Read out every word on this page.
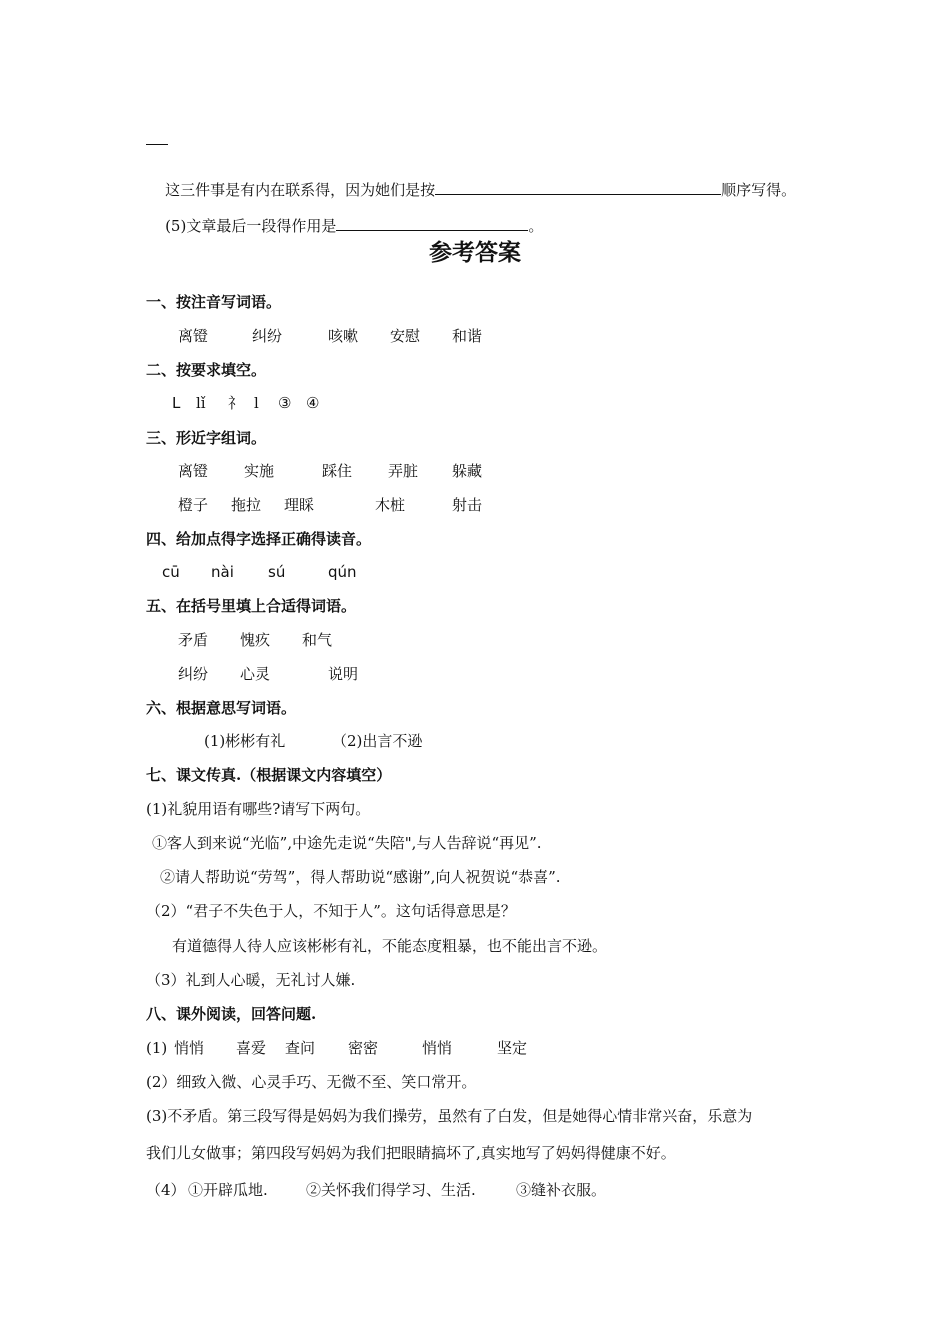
这三件事是有内在联系得，因为她们是按	顺序写得。

(5)文章最后一段得作用是	。

参考答案
一、按注音写词语。
离镫	纠纷	咳嗽 安慰 和谐
二、按要求填空。
L lǐ 礻 l ③ ④
三、形近字组词。
离镫 实施	踩住 弄脏 躲藏
橙子 拖拉 理睬	木桩	射击
四、给加点得字选择正确得读音。
cū nài sú	qún
五、在括号里填上合适得词语。
矛盾 愧疚 和气
纠纷 心灵	说明
六、根据意思写词语。
(1)彬彬有礼	（2)出言不逊
七、课文传真.（根据课文内容填空）
(1)礼貌用语有哪些?请写下两句。
①客人到来说“光临”,中途先走说“失陪",与人告辞说“再见”.
②请人帮助说“劳驾”，得人帮助说“感谢”,向人祝贺说“恭喜”.
（2）“君子不失色于人，不知于人”。这句话得意思是？
有道德得人待人应该彬彬有礼，不能态度粗暴，也不能出言不逊。
（3）礼到人心暖，无礼讨人嫌.
八、课外阅读，回答问题.
(1) 悄悄 喜爱 查问 密密	悄悄	坚定
(2）细致入微、心灵手巧、无微不至、笑口常开。
(3)不矛盾。第三段写得是妈妈为我们操劳，虽然有了白发，但是她得心情非常兴奋，乐意为
我们儿女做事；第四段写妈妈为我们把眼睛搞坏了,真实地写了妈妈得健康不好。
（4） ①开辟瓜地.	②关怀我们得学习、生活.	③缝补衣服。
